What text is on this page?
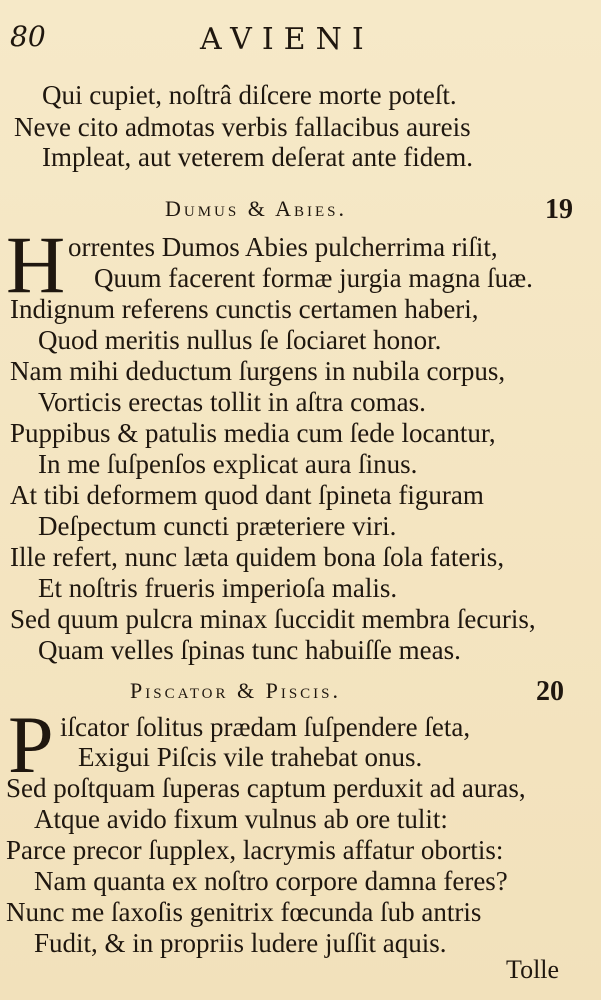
80	AVIENI
Qui cupiet, noſtrâ diſcere morte poteſt.
Neve cito admotas verbis fallacibus aureis
Impleat, aut veterem deſerat ante fidem.
Dumus & Abies.	19
H orrentes Dumos Abies pulcherrima riſit,
Quum facerent formæ jurgia magna ſuæ.
Indignum referens cunctis certamen haberi,
Quod meritis nullus ſe ſociaret honor.
Nam mihi deductum ſurgens in nubila corpus,
Vorticis erectas tollit in aſtra comas.
Puppibus & patulis media cum ſede locantur,
In me ſuſpenſos explicat aura ſinus.
At tibi deformem quod dant ſpineta figuram
Deſpectum cuncti præteriere viri.
Ille refert, nunc læta quidem bona ſola fateris,
Et noſtris frueris imperioſa malis.
Sed quum pulcra minax ſuccidit membra ſecuris,
Quam velles ſpinas tunc habuiſſe meas.
Piscator & Piscis.	20
P iſcator ſolitus prædam ſuſpendere ſeta,
Exigui Piſcis vile trahebat onus.
Sed poſtquam ſuperas captum perduxit ad auras,
Atque avido fixum vulnus ab ore tulit:
Parce precor ſupplex, lacrymis affatur obortis:
Nam quanta ex noſtro corpore damna feres?
Nunc me ſaxoſis genitrix fœcunda ſub antris
Fudit, & in propriis ludere juſſit aquis.
Tolle
